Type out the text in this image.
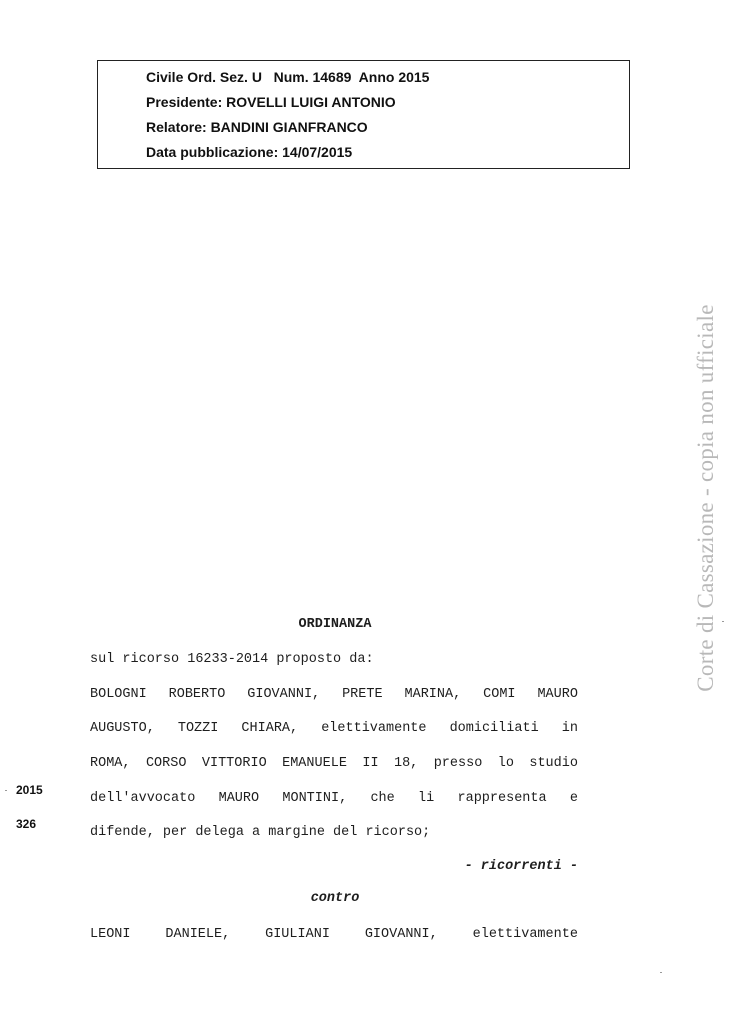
Civile Ord. Sez. U   Num. 14689  Anno 2015
Presidente: ROVELLI LUIGI ANTONIO
Relatore: BANDINI GIANFRANCO
Data pubblicazione: 14/07/2015
Corte di Cassazione - copia non ufficiale
ORDINANZA
sul ricorso 16233-2014 proposto da:
BOLOGNI ROBERTO GIOVANNI, PRETE MARINA, COMI MAURO
AUGUSTO, TOZZI CHIARA, elettivamente domiciliati in
ROMA, CORSO VITTORIO EMANUELE II 18, presso lo studio
dell'avvocato MAURO MONTINI, che li rappresenta e
difende, per delega a margine del ricorso;
- ricorrenti -
contro
LEONI	DANIELE,	GIULIANI	GIOVANNI,	elettivamente
2015
326
